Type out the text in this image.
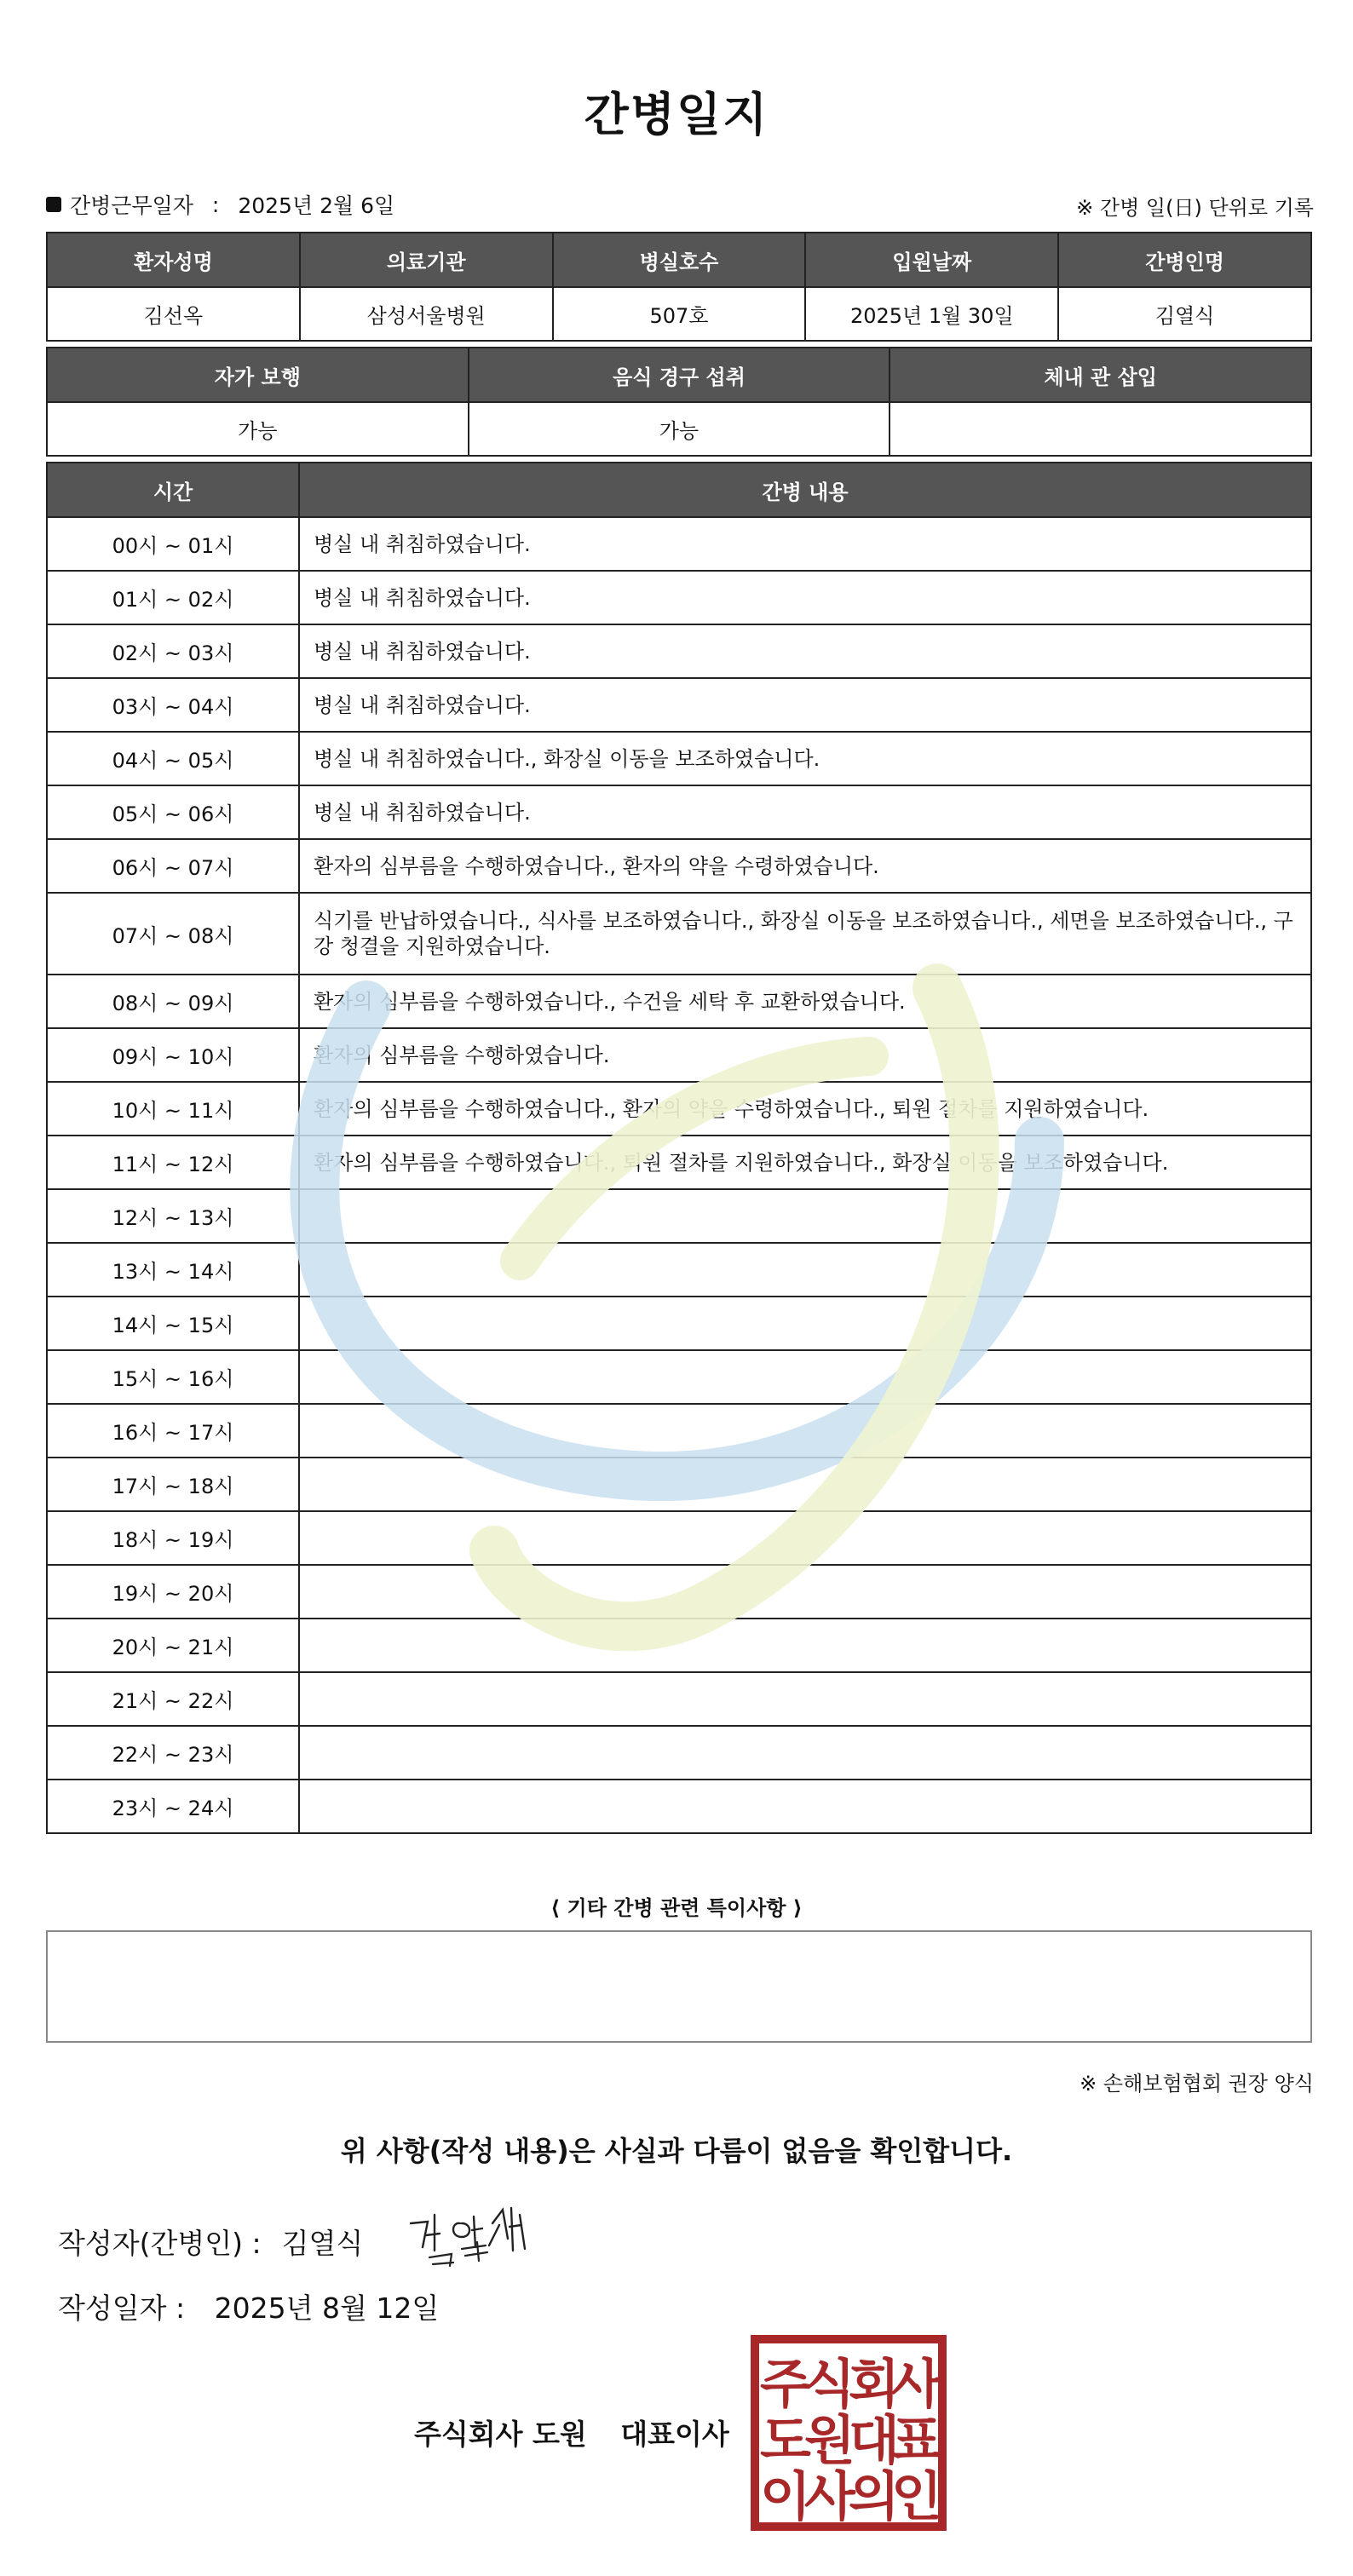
간병일지
간병근무일자 : 2025년 2월 6일	※ 간병 일(日) 단위로 기록
환자성명	의료기관	병실호수	입원날짜	간병인명
김선옥	삼성서울병원	507호	2025년 1월 30일	김열식
자가 보행	음식 경구 섭취	체내 관 삽입
가능	가능	
시간	간병 내용
00시 ~ 01시	병실 내 취침하였습니다.
01시 ~ 02시	병실 내 취침하였습니다.
02시 ~ 03시	병실 내 취침하였습니다.
03시 ~ 04시	병실 내 취침하였습니다.
04시 ~ 05시	병실 내 취침하였습니다., 화장실 이동을 보조하였습니다.
05시 ~ 06시	병실 내 취침하였습니다.
06시 ~ 07시	환자의 심부름을 수행하였습니다., 환자의 약을 수령하였습니다.
07시 ~ 08시	식기를 반납하였습니다., 식사를 보조하였습니다., 화장실 이동을 보조하였습니다., 세면을 보조하였습니다., 구강 청결을 지원하였습니다.
08시 ~ 09시	환자의 심부름을 수행하였습니다., 수건을 세탁 후 교환하였습니다.
09시 ~ 10시	환자의 심부름을 수행하였습니다.
10시 ~ 11시	환자의 심부름을 수행하였습니다., 환자의 약을 수령하였습니다., 퇴원 절차를 지원하였습니다.
11시 ~ 12시	환자의 심부름을 수행하였습니다., 퇴원 절차를 지원하였습니다., 화장실 이동을 보조하였습니다.
12시 ~ 13시	
13시 ~ 14시	
14시 ~ 15시	
15시 ~ 16시	
16시 ~ 17시	
17시 ~ 18시	
18시 ~ 19시	
19시 ~ 20시	
20시 ~ 21시	
21시 ~ 22시	
22시 ~ 23시	
23시 ~ 24시	
⟨ 기타 간병 관련 특이사항 ⟩
※ 손해보험협회 권장 양식
위 사항(작성 내용)은 사실과 다름이 없음을 확인합니다.
작성자(간병인) : 김열식
작성일자 : 2025년 8월 12일
주식회사 도원 대표이사
주
식
회
사
도
원
대
표
이
사
의
인
